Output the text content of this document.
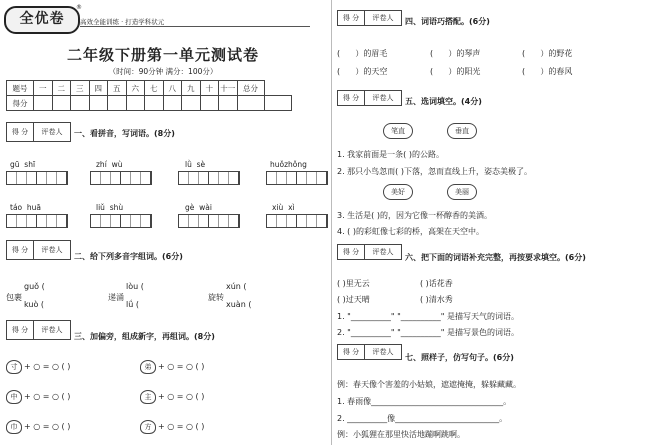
全优卷
®
高效全能训练 · 打造学科状元
二年级下册第一单元测试卷
（时间：90分钟 满分：100分）
题号	一	二	三	四	五	六	七	八	九	十	十一	总分	
得分													
得 分	评卷人	一、看拼音，写词语。(8分)
gū shī	zhí wù	lǜ sè	huǒzhǒng
táo huā	liǔ shù	gè wài	xiù xì
得 分	评卷人
二、给下列多音字组词。(6分)
包裹
guǒ (
kuò (
递涌
lòu (
lǘ (
旋转
xún (
xuàn (
得 分	评卷人
三、加偏旁，组成新字，再组词。(8分)
寸 + ○ = ○ ( )	弟 + ○ = ○ ( )
中 + ○ = ○ ( )	主 + ○ = ○ ( )
巾 + ○ = ○ ( )	方 + ○ = ○ ( )
得 分	评卷人	四、词语巧搭配。(6分)
( ）的眉毛	( ）的琴声	( ）的野花
( ）的天空	( ）的阳光	( ）的春风
得 分	评卷人	五、选词填空。(4分)
笔直	垂直
1. 我家前面是一条( )的公路。
2. 那只小鸟忽而( )下落，忽而直线上升，姿态美极了。
美好	美丽
3. 生活是( )的，因为它像一杯醇香的美酒。
4. ( )的彩虹像七彩的桥，高架在天空中。
得 分	评卷人
六、把下面的词语补充完整，再按要求填空。(6分)
( )里无云	( )话花香
( )过天晴	( )清水秀
1. "__________" "__________" 是描写天气的词语。
2. "__________" "__________" 是描写景色的词语。
得 分	评卷人
七、照样子，仿写句子。(6分)
例：春天像个害羞的小姑娘，遮遮掩掩，躲躲藏藏。
1. 春雨像_________________________________。
2. __________像__________________________。
例：小狐狸在那里快活地蹦啊跳啊。
